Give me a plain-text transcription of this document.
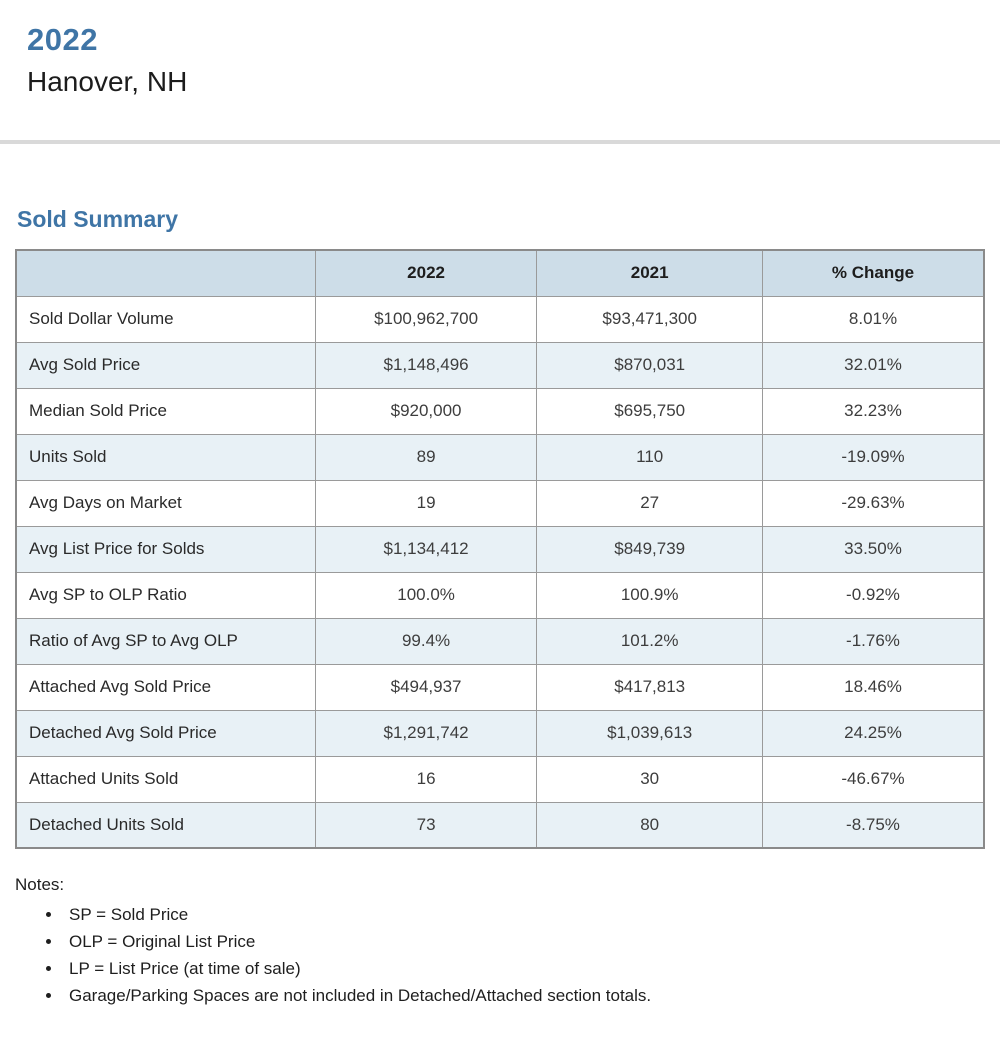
2022
Hanover, NH
Sold Summary
	2022	2021	% Change
Sold Dollar Volume	$100,962,700	$93,471,300	8.01%
Avg Sold Price	$1,148,496	$870,031	32.01%
Median Sold Price	$920,000	$695,750	32.23%
Units Sold	89	110	-19.09%
Avg Days on Market	19	27	-29.63%
Avg List Price for Solds	$1,134,412	$849,739	33.50%
Avg SP to OLP Ratio	100.0%	100.9%	-0.92%
Ratio of Avg SP to Avg OLP	99.4%	101.2%	-1.76%
Attached Avg Sold Price	$494,937	$417,813	18.46%
Detached Avg Sold Price	$1,291,742	$1,039,613	24.25%
Attached Units Sold	16	30	-46.67%
Detached Units Sold	73	80	-8.75%
Notes:
• SP = Sold Price
• OLP = Original List Price
• LP = List Price (at time of sale)
• Garage/Parking Spaces are not included in Detached/Attached section totals.
